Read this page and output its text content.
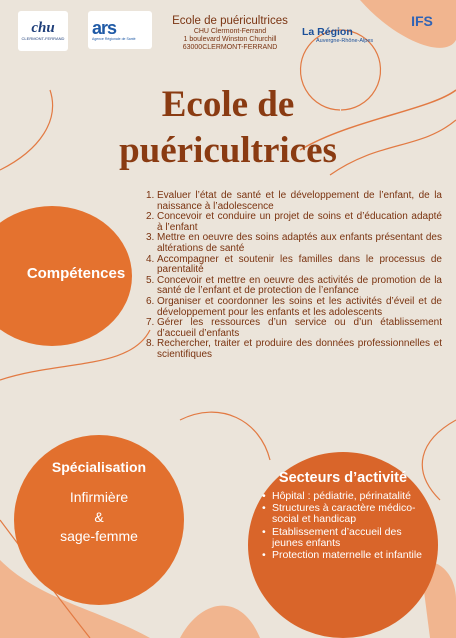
chu
CLERMONT-FERRAND
ars
Agence Régionale de Santé
Ecole de puéricultrices
CHU Clermont-Ferrand
1 boulevard Winston Churchill
63000CLERMONT-FERRAND
La Région
Auvergne-Rhône-Alpes
IFS
Ecole de puéricultrices
Compétences
1. Evaluer l’état de santé et le développement de l’enfant, de la naissance à l’adolescence
2. Concevoir et conduire un projet de soins et d’éducation adapté à l’enfant
3. Mettre en oeuvre des soins adaptés aux enfants présentant des altérations de santé
4. Accompagner et soutenir les familles dans le processus de parentalité
5. Concevoir et mettre en oeuvre des activités de promotion de la santé de l’enfant et de protection de l’enfance
6. Organiser et coordonner les soins et les activités d’éveil et de développement pour les enfants et les adolescents
7. Gérer les ressources d’un service ou d’un établissement d’accueil d’enfants
8. Rechercher, traiter et produire des données professionnelles et scientifiques
Spécialisation
Infirmière
&
sage-femme
Secteurs d’activité
• Hôpital : pédiatrie, périnatalité
• Structures à caractère médico-social et handicap
• Etablissement d’accueil des jeunes enfants
• Protection maternelle et infantile
